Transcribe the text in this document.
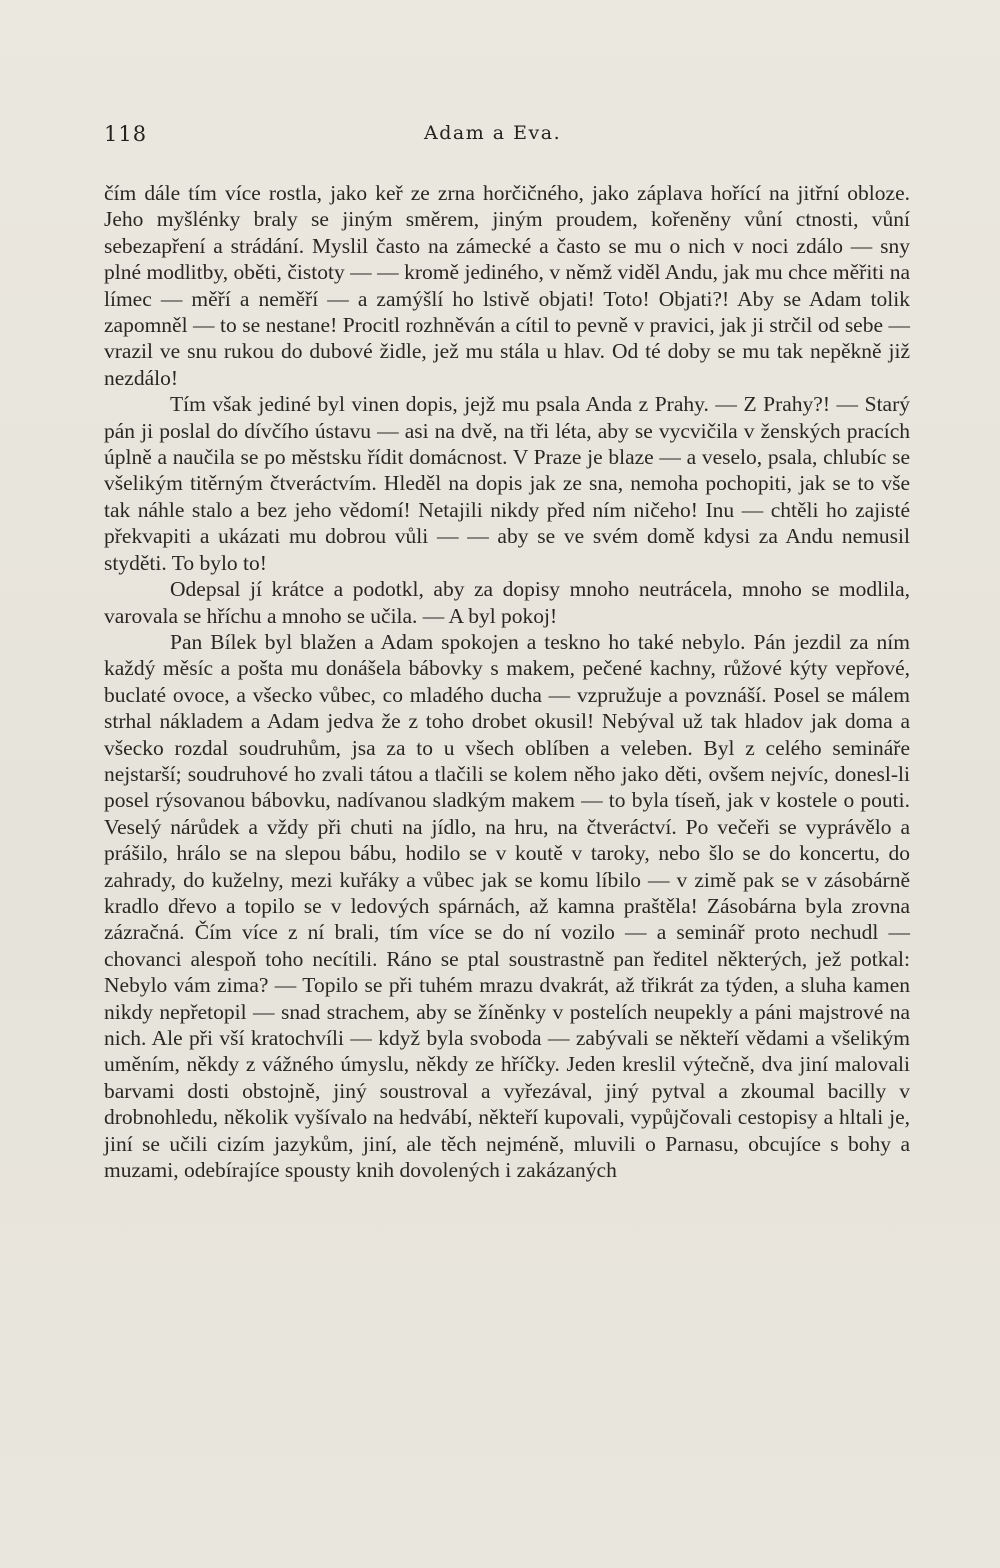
118	Adam a Eva.

čím dále tím více rostla, jako keř ze zrna horčičného, jako záplava hořící na jitřní obloze. Jeho myšlénky braly se jiným směrem, jiným proudem, kořeněny vůní ctnosti, vůní sebezapření a strádání. Myslil často na zámecké a často se mu o nich v noci zdálo — sny plné modlitby, oběti, čistoty — — kromě jediného, v němž viděl Andu, jak mu chce měřiti na límec — měří a neměří — a zamýšlí ho lstivě objati! Toto! Objati?! Aby se Adam tolik zapomněl — to se nestane! Procitl rozhněván a cítil to pevně v pravici, jak ji strčil od sebe — vrazil ve snu rukou do dubové židle, jež mu stála u hlav. Od té doby se mu tak nepěkně již nezdálo!

Tím však jediné byl vinen dopis, jejž mu psala Anda z Prahy. — Z Prahy?! — Starý pán ji poslal do dívčího ústavu — asi na dvě, na tři léta, aby se vycvičila v ženských pracích úplně a naučila se po městsku řídit domácnost. V Praze je blaze — a veselo, psala, chlubíc se všelikým titěrným čtveráctvím. Hleděl na dopis jak ze sna, nemoha pochopiti, jak se to vše tak náhle stalo a bez jeho vědomí! Netajili nikdy před ním ničeho! Inu — chtěli ho zajisté překvapiti a ukázati mu dobrou vůli — — aby se ve svém domě kdysi za Andu nemusil styděti. To bylo to!

Odepsal jí krátce a podotkl, aby za dopisy mnoho neutrácela, mnoho se modlila, varovala se hříchu a mnoho se učila. — A byl pokoj!

Pan Bílek byl blažen a Adam spokojen a teskno ho také nebylo. Pán jezdil za ním každý měsíc a pošta mu donášela bábovky s makem, pečené kachny, růžové kýty vepřové, buclaté ovoce, a všecko vůbec, co mladého ducha — vzpružuje a povznáší. Posel se málem strhal nákladem a Adam jedva že z toho drobet okusil! Nebýval už tak hladov jak doma a všecko rozdal soudruhům, jsa za to u všech oblíben a veleben. Byl z celého semináře nejstarší; soudruhové ho zvali tátou a tlačili se kolem něho jako děti, ovšem nejvíc, donesl-li posel rýsovanou bábovku, nadívanou sladkým makem — to byla tíseň, jak v kostele o pouti. Veselý nárůdek a vždy při chuti na jídlo, na hru, na čtveráctví. Po večeři se vyprávělo a prášilo, hrálo se na slepou bábu, hodilo se v koutě v taroky, nebo šlo se do koncertu, do zahrady, do kuželny, mezi kuřáky a vůbec jak se komu líbilo — v zimě pak se v zásobárně kradlo dřevo a topilo se v ledových spárnách, až kamna praštěla! Zásobárna byla zrovna zázračná. Čím více z ní brali, tím více se do ní vozilo — a seminář proto nechudl — chovanci alespoň toho necítili. Ráno se ptal soustrastně pan ředitel některých, jež potkal: Nebylo vám zima? — Topilo se při tuhém mrazu dvakrát, až třikrát za týden, a sluha kamen nikdy nepřetopil — snad strachem, aby se žíněnky v postelích neupekly a páni majstrové na nich. Ale při vší kratochvíli — když byla svoboda — zabývali se někteří vědami a všelikým uměním, někdy z vážného úmyslu, někdy ze hříčky. Jeden kreslil výtečně, dva jiní malovali barvami dosti obstojně, jiný soustroval a vyřezával, jiný pytval a zkoumal bacilly v drobnohledu, několik vyšívalo na hedvábí, někteří kupovali, vypůjčovali cestopisy a hltali je, jiní se učili cizím jazykům, jiní, ale těch nejméně, mluvili o Parnasu, obcujíce s bohy a muzami, odebírajíce spousty knih dovolených i zakázaných
